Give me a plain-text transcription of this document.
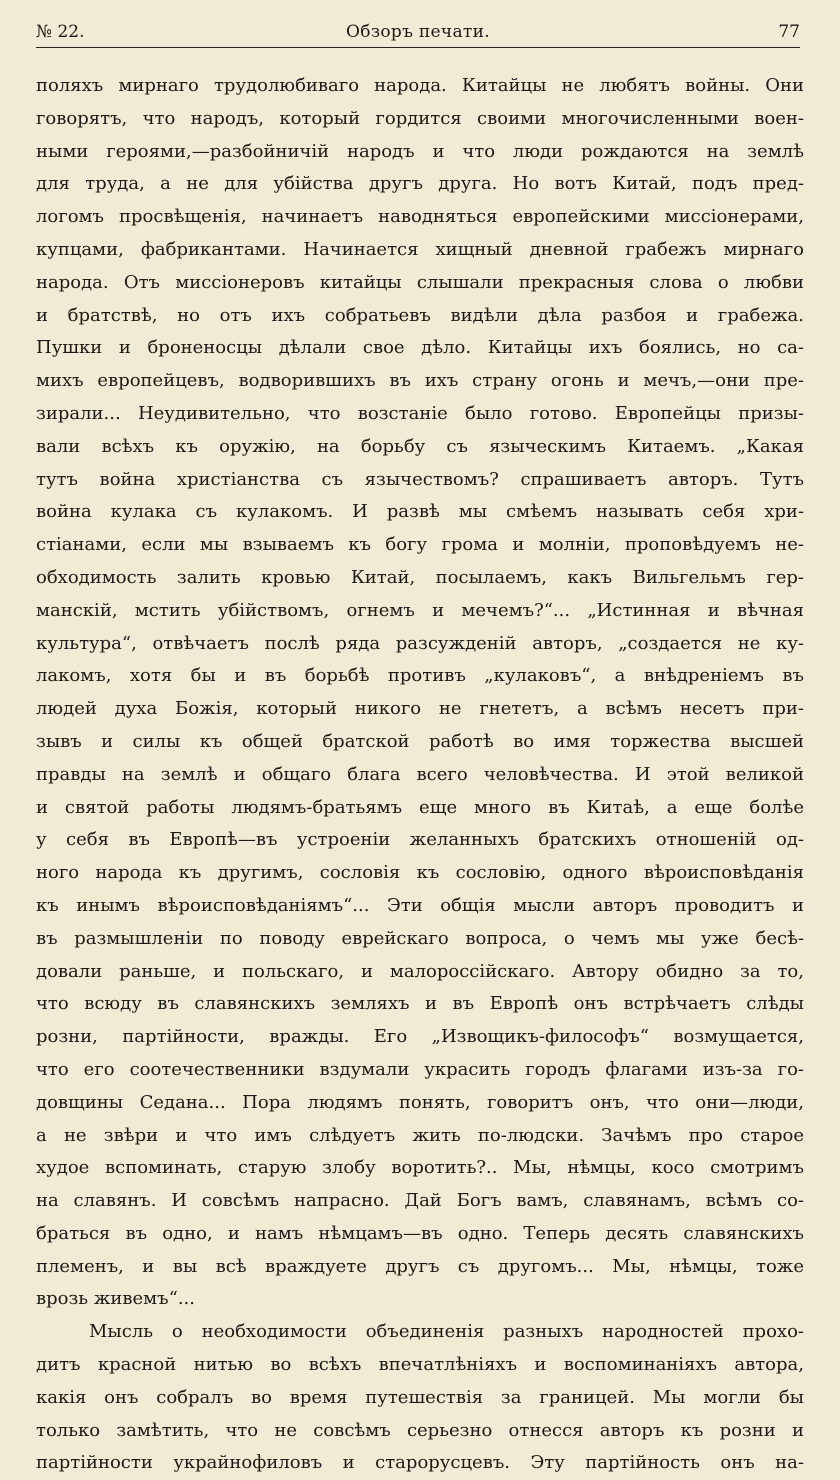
№ 22.	Обзоръ печати.	77
поляхъ мирнаго трудолюбиваго народа. Китайцы не любятъ войны. Они
говорятъ, что народъ, который гордится своими многочисленными воен-
ными героями,—разбойничій народъ и что люди рождаются на землѣ
для труда, а не для убійства другъ друга. Но вотъ Китай, подъ пред-
логомъ просвѣщенія, начинаетъ наводняться европейскими миссіонерами,
купцами, фабрикантами. Начинается хищный дневной грабежъ мирнаго
народа. Отъ миссіонеровъ китайцы слышали прекрасныя слова о любви
и братствѣ, но отъ ихъ собратьевъ видѣли дѣла разбоя и грабежа.
Пушки и броненосцы дѣлали свое дѣло. Китайцы ихъ боялись, но са-
михъ европейцевъ, водворившихъ въ ихъ страну огонь и мечъ,—они пре-
зирали... Неудивительно, что возстаніе было готово. Европейцы призы-
вали всѣхъ къ оружію, на борьбу съ языческимъ Китаемъ. „Какая
тутъ война христіанства съ язычествомъ? спрашиваетъ авторъ. Тутъ
война кулака съ кулакомъ. И развѣ мы смѣемъ называть себя хри-
стіанами, если мы взываемъ къ богу грома и молніи, проповѣдуемъ не-
обходимость залить кровью Китай, посылаемъ, какъ Вильгельмъ гер-
манскій, мстить убійствомъ, огнемъ и мечемъ?“... „Истинная и вѣчная
культура“, отвѣчаетъ послѣ ряда разсужденій авторъ, „создается не ку-
лакомъ, хотя бы и въ борьбѣ противъ „кулаковъ“, а внѣдреніемъ въ
людей духа Божія, который никого не гнететъ, а всѣмъ несетъ при-
зывъ и силы къ общей братской работѣ во имя торжества высшей
правды на землѣ и общаго блага всего человѣчества. И этой великой
и святой работы людямъ-братьямъ еще много въ Китаѣ, а еще болѣе
у себя въ Европѣ—въ устроеніи желанныхъ братскихъ отношеній од-
ного народа къ другимъ, сословія къ сословію, одного вѣроисповѣданія
къ инымъ вѣроисповѣданіямъ“... Эти общія мысли авторъ проводитъ и
въ размышленіи по поводу еврейскаго вопроса, о чемъ мы уже бесѣ-
довали раньше, и польскаго, и малороссійскаго. Автору обидно за то,
что всюду въ славянскихъ земляхъ и въ Европѣ онъ встрѣчаетъ слѣды
розни, партійности, вражды. Его „Извощикъ-философъ“ возмущается,
что его соотечественники вздумали украсить городъ флагами изъ-за го-
довщины Седана... Пора людямъ понять, говоритъ онъ, что они—люди,
а не звѣри и что имъ слѣдуетъ жить по-людски. Зачѣмъ про старое
худое вспоминать, старую злобу воротить?.. Мы, нѣмцы, косо смотримъ
на славянъ. И совсѣмъ напрасно. Дай Богъ вамъ, славянамъ, всѣмъ со-
браться въ одно, и намъ нѣмцамъ—въ одно. Теперь десять славянскихъ
племенъ, и вы всѣ враждуете другъ съ другомъ... Мы, нѣмцы, тоже
врозь живемъ“...
Мысль о необходимости объединенія разныхъ народностей прохо-
дитъ красной нитью во всѣхъ впечатлѣніяхъ и воспоминаніяхъ автора,
какія онъ собралъ во время путешествія за границей. Мы могли бы
только замѣтить, что не совсѣмъ серьезно отнесся авторъ къ розни и
партійности украйнофиловъ и старорусцевъ. Эту партійность онъ на-
